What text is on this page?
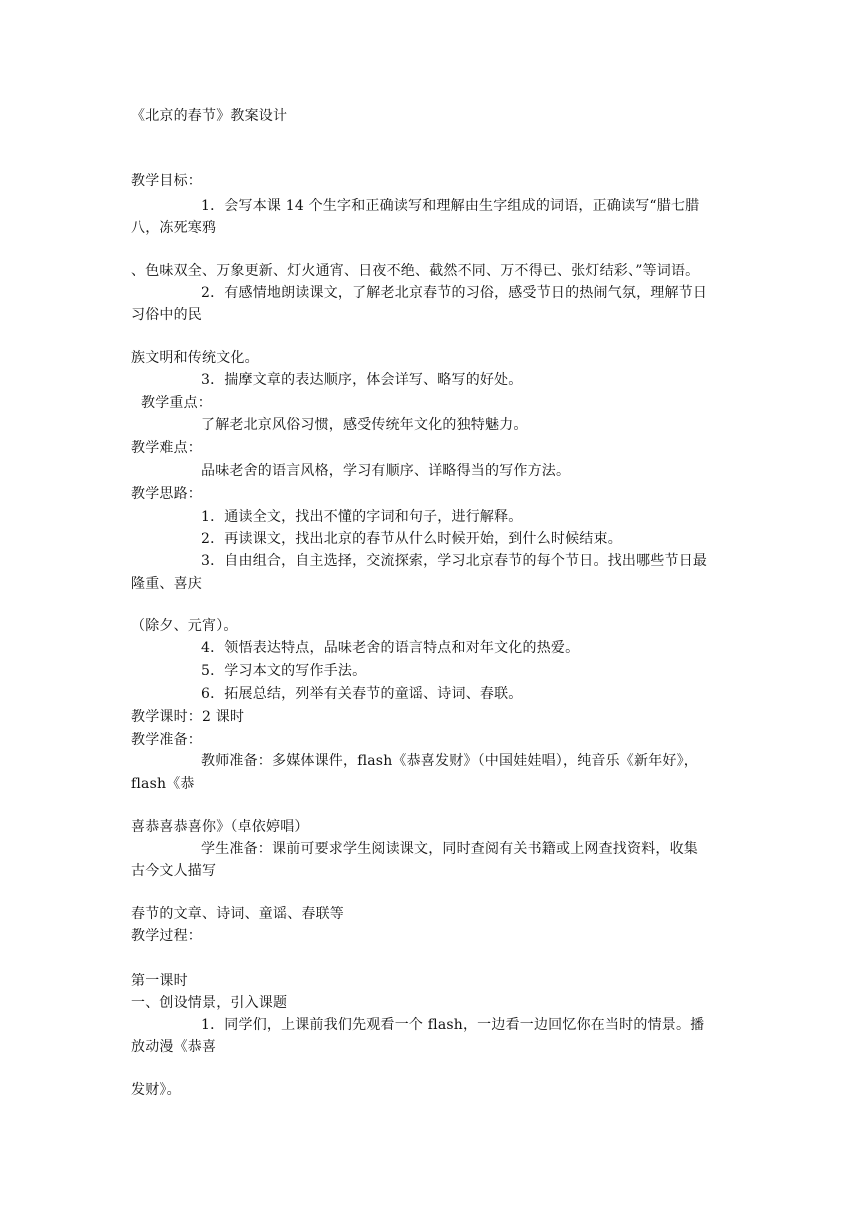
《北京的春节》教案设计

教学目标：

1．会写本课 14 个生字和正确读写和理解由生字组成的词语，正确读写“腊七腊

八，冻死寒鸦

、色味双全、万象更新、灯火通宵、日夜不绝、截然不同、万不得已、张灯结彩、”等词语。

2．有感情地朗读课文，了解老北京春节的习俗，感受节日的热闹气氛，理解节日

习俗中的民

族文明和传统文化。

3．揣摩文章的表达顺序，体会详写、略写的好处。

教学重点：

了解老北京风俗习惯，感受传统年文化的独特魅力。

教学难点：

品味老舍的语言风格，学习有顺序、详略得当的写作方法。

教学思路：

1．通读全文，找出不懂的字词和句子，进行解释。

2．再读课文，找出北京的春节从什么时候开始，到什么时候结束。

3．自由组合，自主选择，交流探索，学习北京春节的每个节日。找出哪些节日最

隆重、喜庆

（除夕、元宵）。

4．领悟表达特点，品味老舍的语言特点和对年文化的热爱。

5．学习本文的写作手法。

6．拓展总结，列举有关春节的童谣、诗词、春联。

教学课时：2 课时

教学准备：

教师准备：多媒体课件，flash《恭喜发财》（中国娃娃唱），纯音乐《新年好》，

flash《恭

喜恭喜恭喜你》（卓依婷唱）

学生准备：课前可要求学生阅读课文，同时查阅有关书籍或上网查找资料，收集

古今文人描写

春节的文章、诗词、童谣、春联等

教学过程：

第一课时

一、创设情景，引入课题

1．同学们，上课前我们先观看一个 flash，一边看一边回忆你在当时的情景。播

放动漫《恭喜

发财》。
